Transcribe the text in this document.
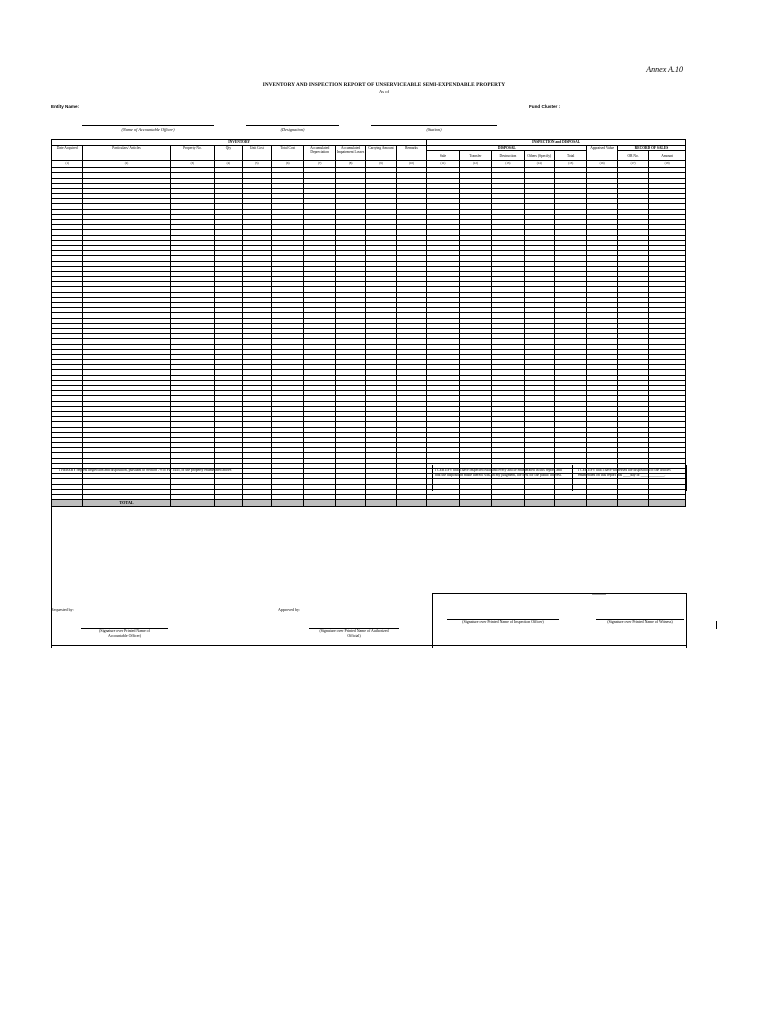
Annex A.10
INVENTORY AND INSPECTION REPORT OF UNSERVICEABLE SEMI-EXPENDABLE PROPERTY
As of
Entity Name:	Fund Cluster :
(Name of Accountable Officer)	(Designation)	(Station)
INVENTORY										INSPECTION and DISPOSAL							
Date Acquired	Particulars/ Articles	Property No.	Qty	Unit Cost	Total Cost	Accumulated Depreciation	Accumulated Impairment Losses	Carrying Amount	Remarks	DISPOSAL					Appraised Value	RECORD OF SALES	
										Sale	Transfer	Destruction	Others (Specify)	Total		OR No.	Amount

(1)	(2)	(3)	(4)	(5)	(6)	(7)	(8)	(9)	(10)	(11)	(12)	(13)	(14)	(15)	(16)	(17)	(18)

	TOTAL																
I HEREBY request inspection and disposition, pursuant to Section 79 of PD 1445, of the property enumerated above.	I CERTIFY that I have inspected each and every article enumerated in this report, and that the disposition made thereof was, in my judgment, the best for the public interest.
I CERTIFY that I have witnessed the disposition of the articles enumerated on this report this ____day of _____________.
Requested by:	Approved by:
(Signature over Printed Name of
Accountable Officer)
(Signature over Printed Name of Authorized
Official)
(Signature over Printed Name of Inspection Officer)	(Signature over Printed Name of Witness)
